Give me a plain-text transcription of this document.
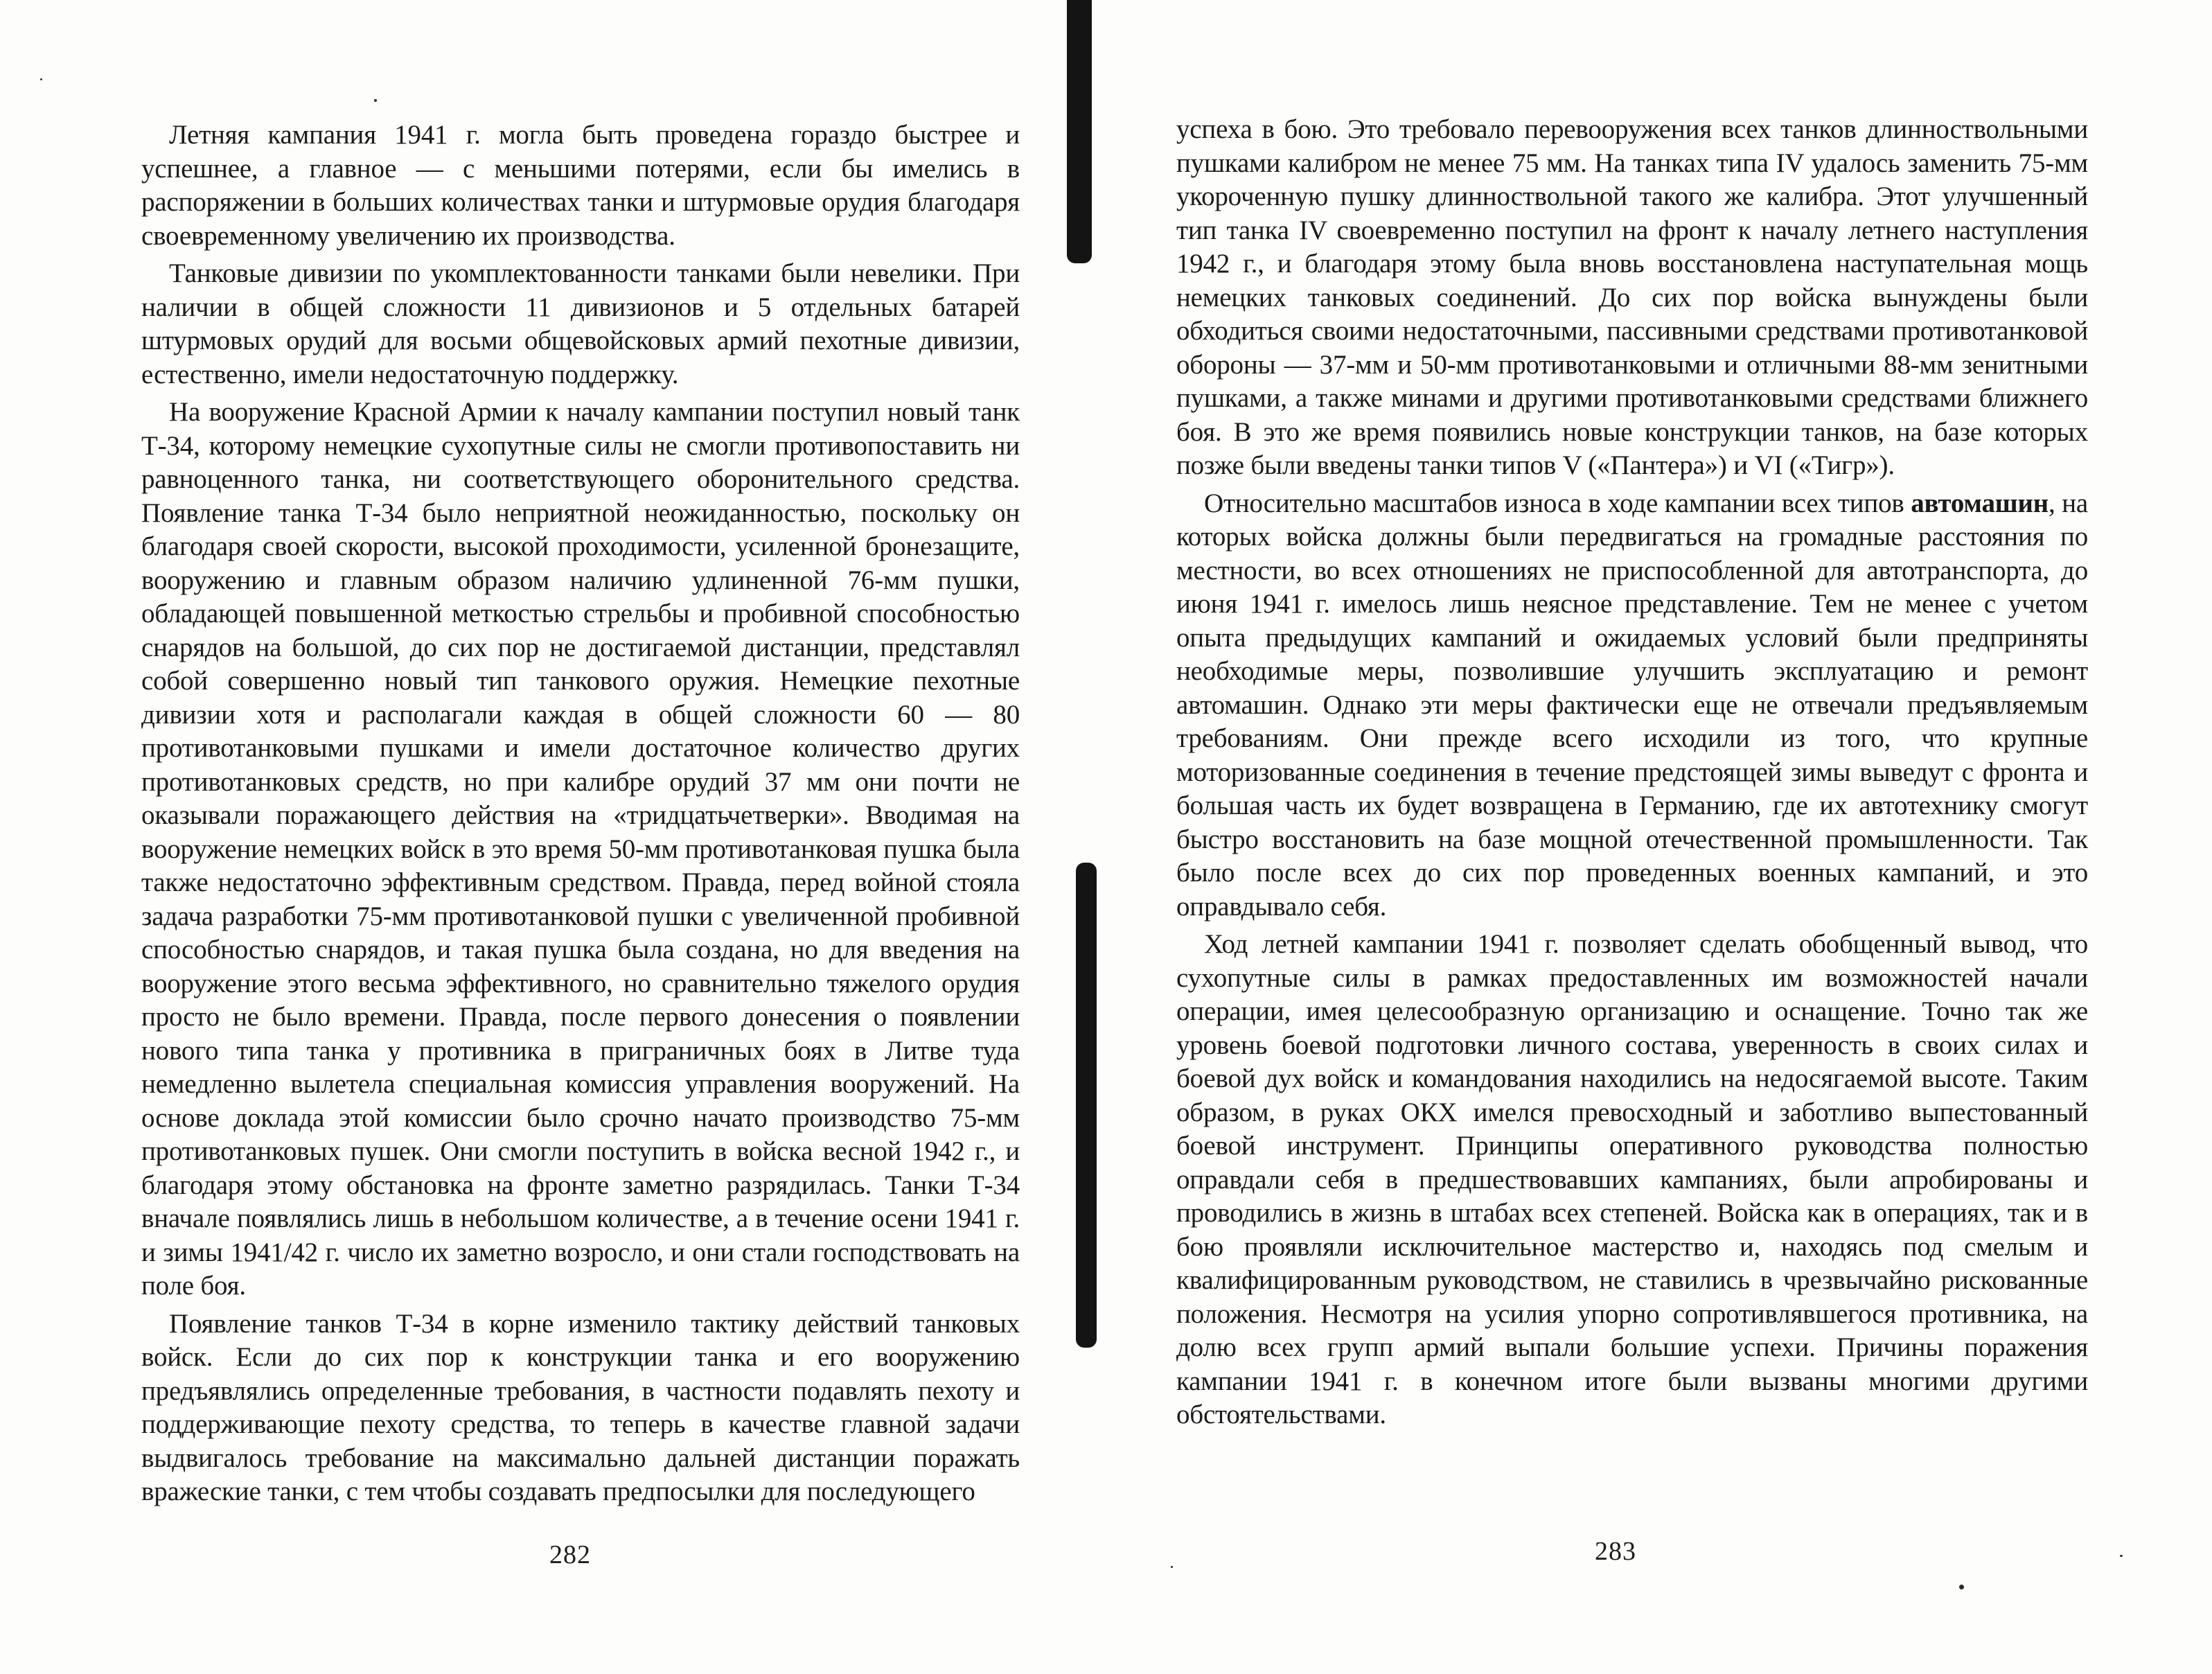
Летняя кампания 1941 г. могла быть проведена гораздо быстрее и успешнее, а главное — с меньшими потерями, если бы имелись в распоряжении в больших количествах танки и штурмовые орудия благодаря своевременному увеличению их производства.

Танковые дивизии по укомплектованности танками были невелики. При наличии в общей сложности 11 дивизионов и 5 отдельных батарей штурмовых орудий для восьми общевойсковых армий пехотные дивизии, естественно, имели недостаточную поддержку.

На вооружение Красной Армии к началу кампании поступил новый танк Т-34, которому немецкие сухопутные силы не смогли противопоставить ни равноценного танка, ни соответствующего оборонительного средства. Появление танка Т-34 было неприятной неожиданностью, поскольку он благодаря своей скорости, высокой проходимости, усиленной бронезащите, вооружению и главным образом наличию удлиненной 76-мм пушки, обладающей повышенной меткостью стрельбы и пробивной способностью снарядов на большой, до сих пор не достигаемой дистанции, представлял собой совершенно новый тип танкового оружия. Немецкие пехотные дивизии хотя и располагали каждая в общей сложности 60 — 80 противотанковыми пушками и имели достаточное количество других противотанковых средств, но при калибре орудий 37 мм они почти не оказывали поражающего действия на «тридцатьчетверки». Вводимая на вооружение немецких войск в это время 50-мм противотанковая пушка была также недостаточно эффективным средством. Правда, перед войной стояла задача разработки 75-мм противотанковой пушки с увеличенной пробивной способностью снарядов, и такая пушка была создана, но для введения на вооружение этого весьма эффективного, но сравнительно тяжелого орудия просто не было времени. Правда, после первого донесения о появлении нового типа танка у противника в приграничных боях в Литве туда немедленно вылетела специальная комиссия управления вооружений. На основе доклада этой комиссии было срочно начато производство 75-мм противотанковых пушек. Они смогли поступить в войска весной 1942 г., и благодаря этому обстановка на фронте заметно разрядилась. Танки Т-34 вначале появлялись лишь в небольшом количестве, а в течение осени 1941 г. и зимы 1941/42 г. число их заметно возросло, и они стали господствовать на поле боя.

Появление танков Т-34 в корне изменило тактику действий танковых войск. Если до сих пор к конструкции танка и его вооружению предъявлялись определенные требования, в частности подавлять пехоту и поддерживающие пехоту средства, то теперь в качестве главной задачи выдвигалось требование на максимально дальней дистанции поражать вражеские танки, с тем чтобы создавать предпосылки для последующего

282

успеха в бою. Это требовало перевооружения всех танков длинноствольными пушками калибром не менее 75 мм. На танках типа IV удалось заменить 75-мм укороченную пушку длинноствольной такого же калибра. Этот улучшенный тип танка IV своевременно поступил на фронт к началу летнего наступления 1942 г., и благодаря этому была вновь восстановлена наступательная мощь немецких танковых соединений. До сих пор войска вынуждены были обходиться своими недостаточными, пассивными средствами противотанковой обороны — 37-мм и 50-мм противотанковыми и отличными 88-мм зенитными пушками, а также минами и другими противотанковыми средствами ближнего боя. В это же время появились новые конструкции танков, на базе которых позже были введены танки типов V («Пантера») и VI («Тигр»).

Относительно масштабов износа в ходе кампании всех типов автомашин, на которых войска должны были передвигаться на громадные расстояния по местности, во всех отношениях не приспособленной для автотранспорта, до июня 1941 г. имелось лишь неясное представление. Тем не менее с учетом опыта предыдущих кампаний и ожидаемых условий были предприняты необходимые меры, позволившие улучшить эксплуатацию и ремонт автомашин. Однако эти меры фактически еще не отвечали предъявляемым требованиям. Они прежде всего исходили из того, что крупные моторизованные соединения в течение предстоящей зимы выведут с фронта и большая часть их будет возвращена в Германию, где их автотехнику смогут быстро восстановить на базе мощной отечественной промышленности. Так было после всех до сих пор проведенных военных кампаний, и это оправдывало себя.

Ход летней кампании 1941 г. позволяет сделать обобщенный вывод, что сухопутные силы в рамках предоставленных им возможностей начали операции, имея целесообразную организацию и оснащение. Точно так же уровень боевой подготовки личного состава, уверенность в своих силах и боевой дух войск и командования находились на недосягаемой высоте. Таким образом, в руках ОКХ имелся превосходный и заботливо выпестованный боевой инструмент. Принципы оперативного руководства полностью оправдали себя в предшествовавших кампаниях, были апробированы и проводились в жизнь в штабах всех степеней. Войска как в операциях, так и в бою проявляли исключительное мастерство и, находясь под смелым и квалифицированным руководством, не ставились в чрезвычайно рискованные положения. Несмотря на усилия упорно сопротивлявшегося противника, на долю всех групп армий выпали большие успехи. Причины поражения кампании 1941 г. в конечном итоге были вызваны многими другими обстоятельствами.

283
